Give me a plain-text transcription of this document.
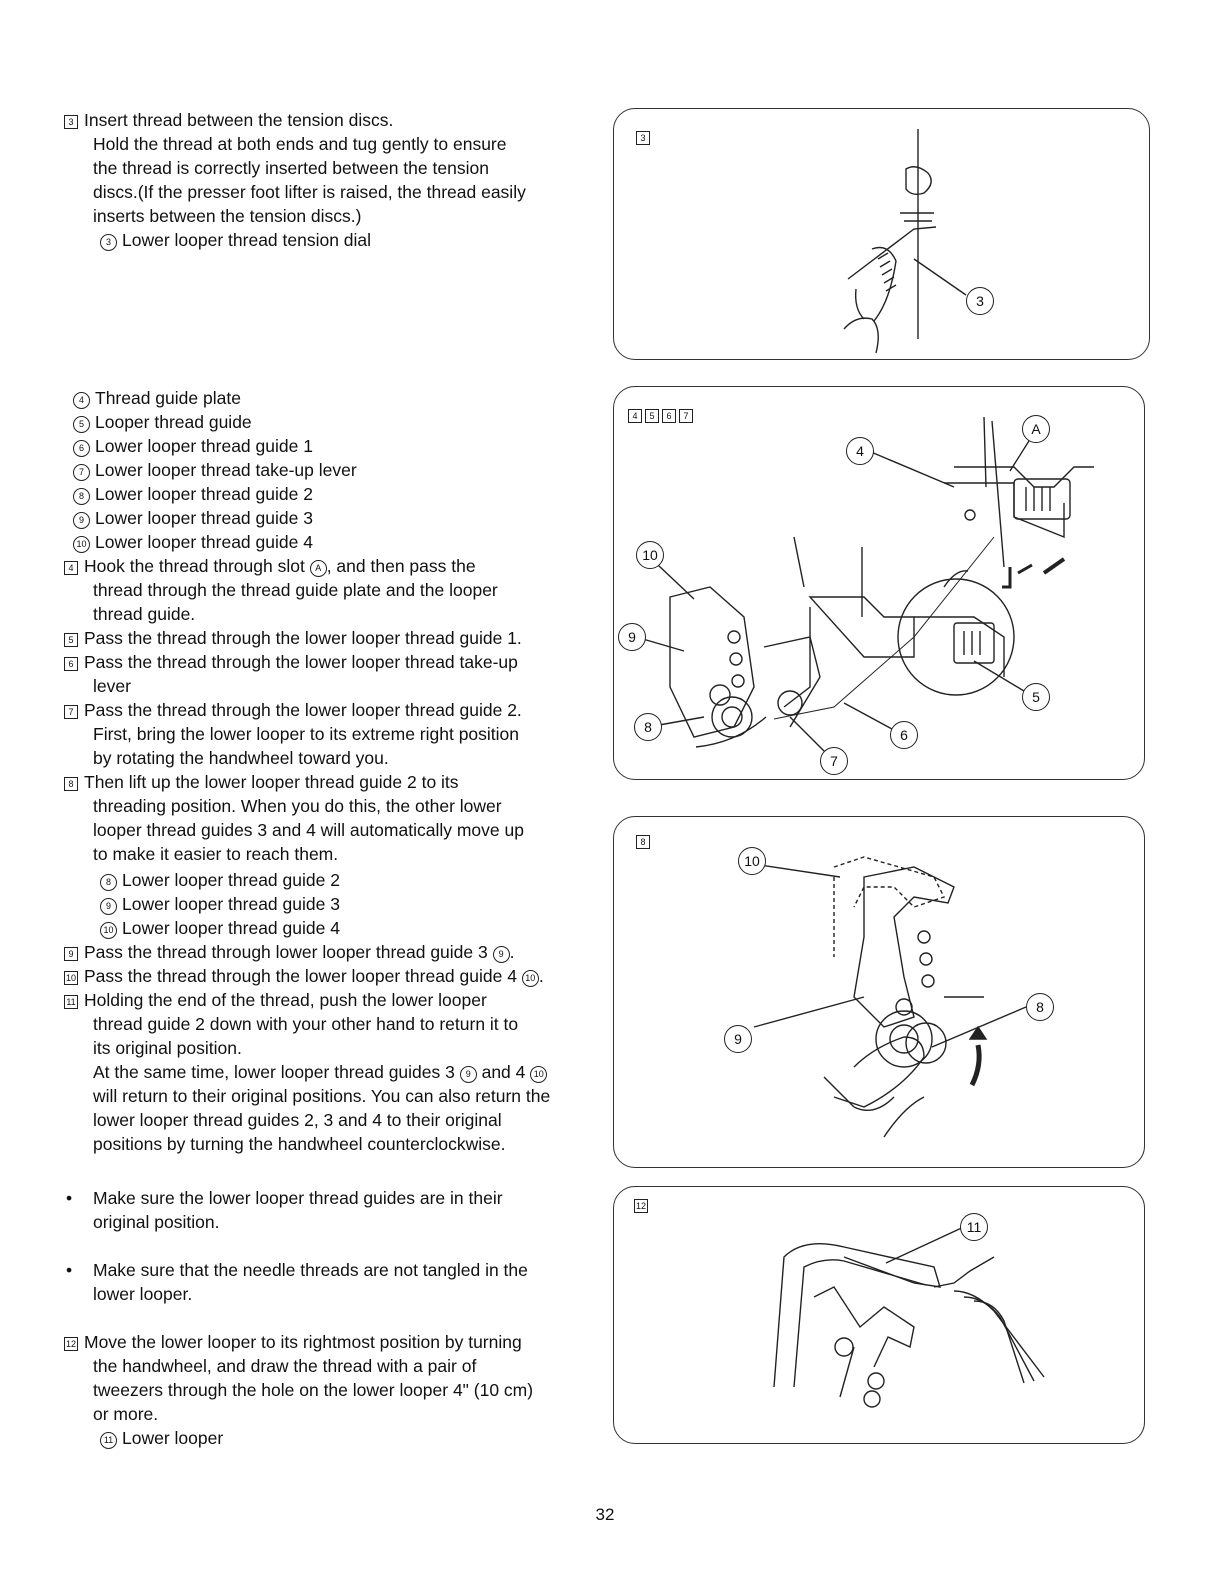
3 Insert thread between the tension discs.
Hold the thread at both ends and tug gently to ensure
the thread is correctly inserted between the tension
discs.(If the presser foot lifter is raised, the thread easily
inserts between the tension discs.)
3 Lower looper thread tension dial
4 Thread guide plate
5 Looper thread guide
6 Lower looper thread guide 1
7 Lower looper thread take-up lever
8 Lower looper thread guide 2
9 Lower looper thread guide 3
10 Lower looper thread guide 4
4 Hook the thread through slot A , and then pass the
thread through the thread guide plate and the looper
thread guide.
5 Pass the thread through the lower looper thread guide 1.
6 Pass the thread through the lower looper thread take-up
lever
7 Pass the thread through the lower looper thread guide 2.
First, bring the lower looper to its extreme right position
by rotating the handwheel toward you.
8 Then lift up the lower looper thread guide 2 to its
threading position. When you do this, the other lower
looper thread guides 3 and 4 will automatically move up
to make it easier to reach them.
8 Lower looper thread guide 2
9 Lower looper thread guide 3
10 Lower looper thread guide 4
9 Pass the thread through lower looper thread guide 3 9 .
10 Pass the thread through the lower looper thread guide 4 10 .
11 Holding the end of the thread, push the lower looper
thread guide 2 down with your other hand to return it to
its original position.
At the same time, lower looper thread guides 3 9 and 4 10
will return to their original positions. You can also return the
lower looper thread guides 2, 3 and 4 to their original
positions by turning the handwheel counterclockwise.
• Make sure the lower looper thread guides are in their
original position.
• Make sure that the needle threads are not tangled in the
lower looper.
12 Move the lower looper to its rightmost position by turning
the handwheel, and draw the thread with a pair of
tweezers through the hole on the lower looper 4" (10 cm)
or more.
11 Lower looper
3
3
4 5 6 7
A
4
10
9
8
7
6
5
8
10
9
8
12
11
32
